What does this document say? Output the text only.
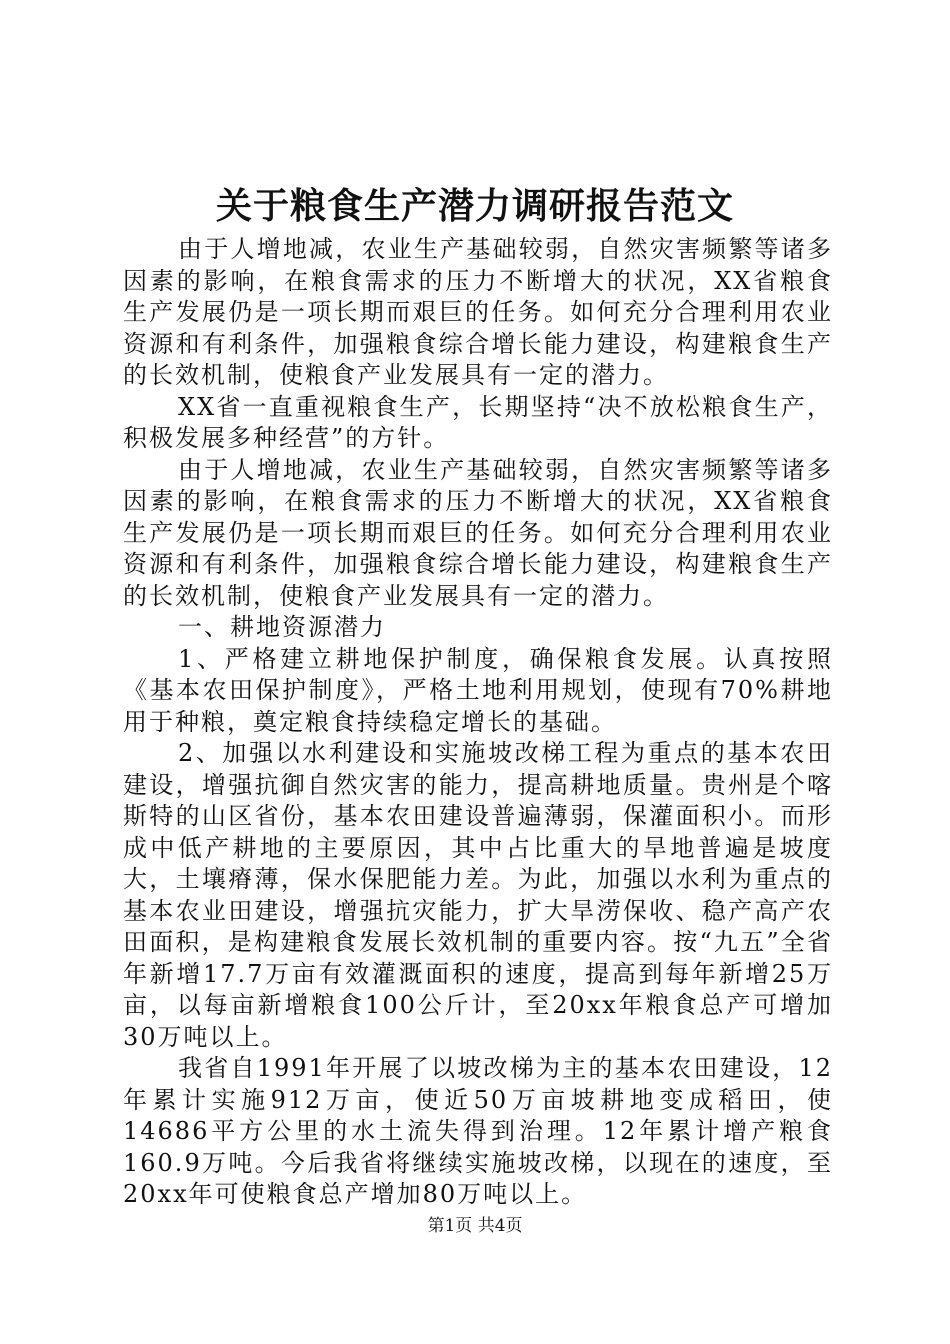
关于粮食生产潜力调研报告范文

由于人增地减，农业生产基础较弱，自然灾害频繁等诸多因素的影响，在粮食需求的压力不断增大的状况，XX省粮食生产发展仍是一项长期而艰巨的任务。如何充分合理利用农业资源和有利条件，加强粮食综合增长能力建设，构建粮食生产的长效机制，使粮食产业发展具有一定的潜力。

XX省一直重视粮食生产，长期坚持“决不放松粮食生产，积极发展多种经营”的方针。

由于人增地减，农业生产基础较弱，自然灾害频繁等诸多因素的影响，在粮食需求的压力不断增大的状况，XX省粮食生产发展仍是一项长期而艰巨的任务。如何充分合理利用农业资源和有利条件，加强粮食综合增长能力建设，构建粮食生产的长效机制，使粮食产业发展具有一定的潜力。

一、耕地资源潜力

1、严格建立耕地保护制度，确保粮食发展。认真按照《基本农田保护制度》，严格土地利用规划，使现有70%耕地用于种粮，奠定粮食持续稳定增长的基础。

2、加强以水利建设和实施坡改梯工程为重点的基本农田建设，增强抗御自然灾害的能力，提高耕地质量。贵州是个喀斯特的山区省份，基本农田建设普遍薄弱，保灌面积小。而形成中低产耕地的主要原因，其中占比重大的旱地普遍是坡度大，土壤瘠薄，保水保肥能力差。为此，加强以水利为重点的基本农业田建设，增强抗灾能力，扩大旱涝保收、稳产高产农田面积，是构建粮食发展长效机制的重要内容。按“九五”全省年新增17.7万亩有效灌溉面积的速度，提高到每年新增25万亩，以每亩新增粮食100公斤计，至20xx年粮食总产可增加30万吨以上。

我省自1991年开展了以坡改梯为主的基本农田建设，12年累计实施912万亩，使近50万亩坡耕地变成稻田，使14686平方公里的水土流失得到治理。12年累计增产粮食160.9万吨。今后我省将继续实施坡改梯，以现在的速度，至20xx年可使粮食总产增加80万吨以上。

第1页 共4页
